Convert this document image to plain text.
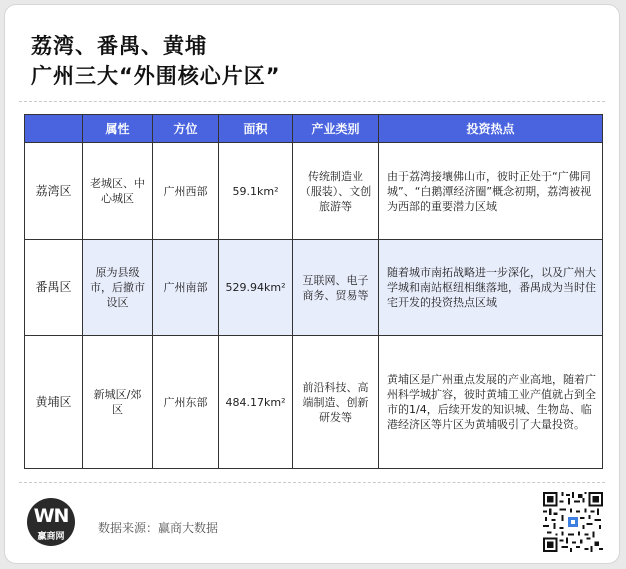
荔湾、番禺、黄埔
广州三大“外围核心片区”
	属性	方位	面积	产业类别	投资热点
荔湾区	老城区、中心城区	广州西部	59.1km²	传统制造业（服装）、文创旅游等	由于荔湾接壤佛山市，彼时正处于“广佛同城”、“白鹅潭经济圈”概念初期，荔湾被视为西部的重要潜力区域
番禺区	原为县级市，后撤市设区	广州南部	529.94km²	互联网、电子商务、贸易等	随着城市南拓战略进一步深化，以及广州大学城和南站枢纽相继落地，番禺成为当时住宅开发的投资热点区域
黄埔区	新城区/郊区	广州东部	484.17km²	前沿科技、高端制造、创新研发等	黄埔区是广州重点发展的产业高地，随着广州科学城扩容，彼时黄埔工业产值就占到全市的1/4，后续开发的知识城、生物岛、临港经济区等片区为黄埔吸引了大量投资。
WN
赢商网
数据来源：赢商大数据
